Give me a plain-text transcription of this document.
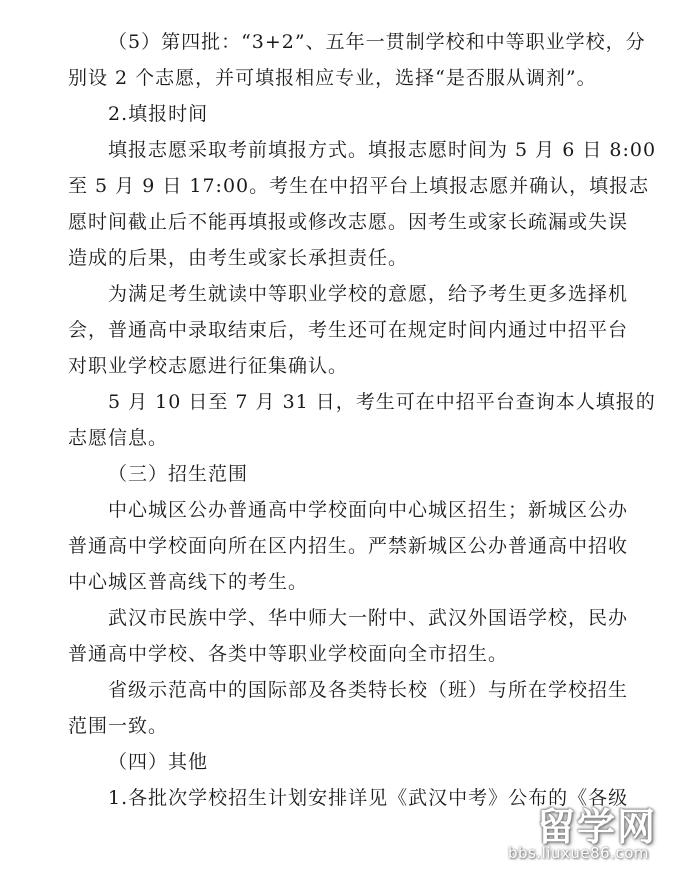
（5）第四批：“3+2”、五年一贯制学校和中等职业学校，分
别设 2 个志愿，并可填报相应专业，选择“是否服从调剂”。
2.填报时间
填报志愿采取考前填报方式。填报志愿时间为 5 月 6 日 8:00
至 5 月 9 日 17:00。考生在中招平台上填报志愿并确认，填报志
愿时间截止后不能再填报或修改志愿。因考生或家长疏漏或失误
造成的后果，由考生或家长承担责任。
为满足考生就读中等职业学校的意愿，给予考生更多选择机
会，普通高中录取结束后，考生还可在规定时间内通过中招平台
对职业学校志愿进行征集确认。
5 月 10 日至 7 月 31 日，考生可在中招平台查询本人填报的
志愿信息。
（三）招生范围
中心城区公办普通高中学校面向中心城区招生；新城区公办
普通高中学校面向所在区内招生。严禁新城区公办普通高中招收
中心城区普高线下的考生。
武汉市民族中学、华中师大一附中、武汉外国语学校，民办
普通高中学校、各类中等职业学校面向全市招生。
省级示范高中的国际部及各类特长校（班）与所在学校招生
范围一致。
（四）其他
1.各批次学校招生计划安排详见《武汉中考》公布的《各级
留学网
bbs.liuxue86.com
